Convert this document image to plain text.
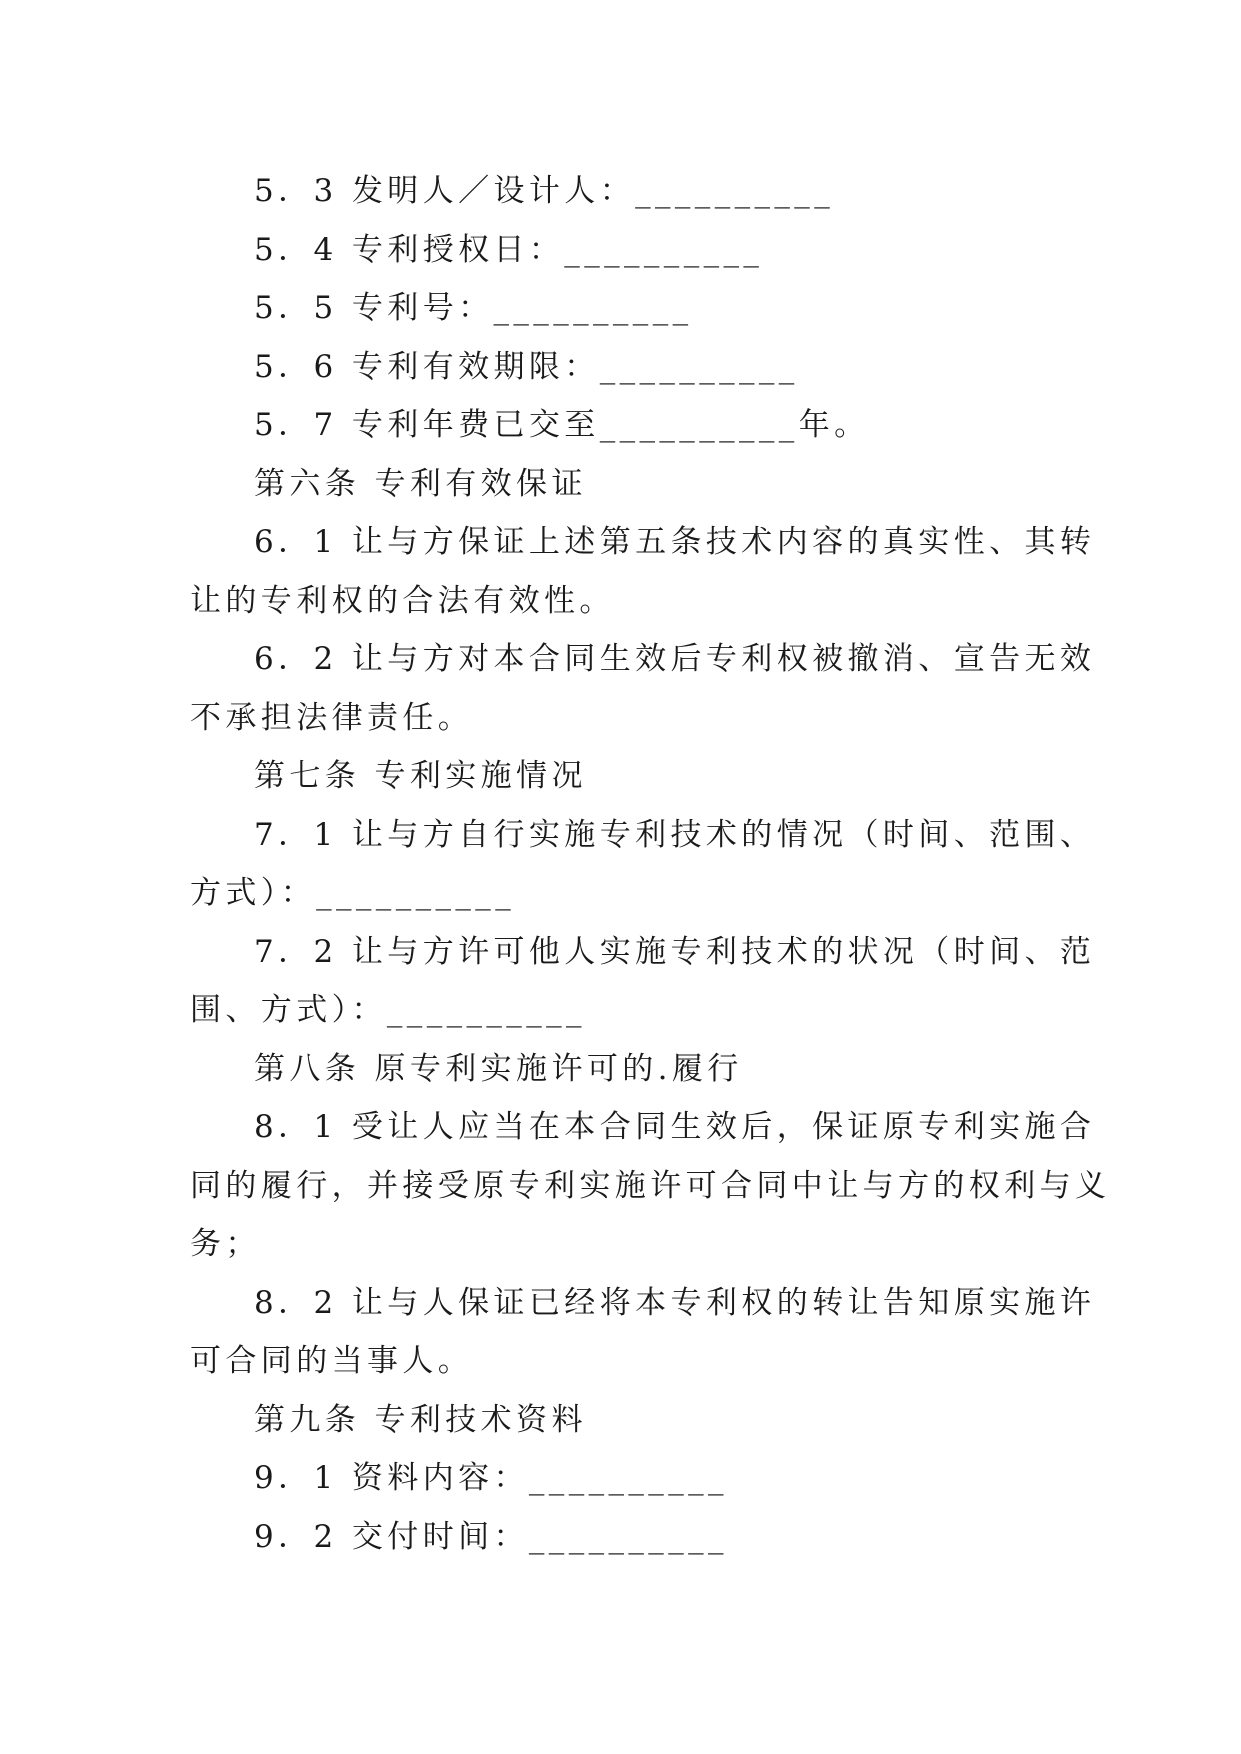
5．3 发明人／设计人：__________
5．4 专利授权日：__________
5．5 专利号：__________
5．6 专利有效期限：__________
5．7 专利年费已交至__________年。
第六条 专利有效保证
6．1 让与方保证上述第五条技术内容的真实性、其转
让的专利权的合法有效性。
6．2 让与方对本合同生效后专利权被撤消、宣告无效
不承担法律责任。
第七条 专利实施情况
7．1 让与方自行实施专利技术的情况（时间、范围、
方式）：__________
7．2 让与方许可他人实施专利技术的状况（时间、范
围、方式）：__________
第八条 原专利实施许可的.履行
8．1 受让人应当在本合同生效后，保证原专利实施合
同的履行，并接受原专利实施许可合同中让与方的权利与义
务；
8．2 让与人保证已经将本专利权的转让告知原实施许
可合同的当事人。
第九条 专利技术资料
9．1 资料内容：__________
9．2 交付时间：__________
